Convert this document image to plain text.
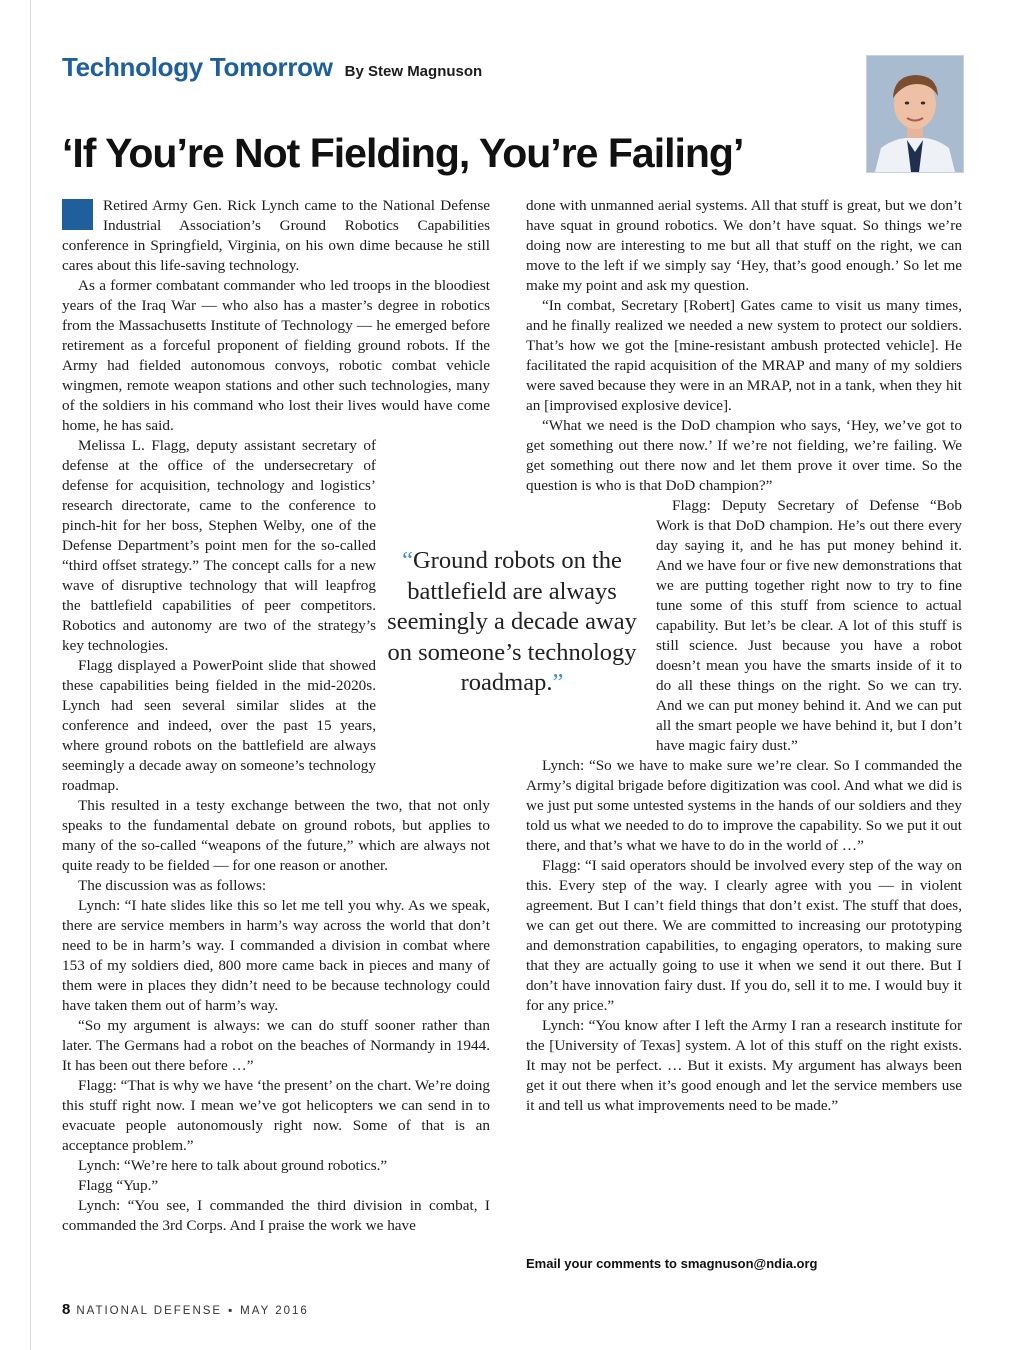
Technology Tomorrow By Stew Magnuson
‘If You’re Not Fielding, You’re Failing’

Retired Army Gen. Rick Lynch came to the National Defense Industrial Association’s Ground Robotics Capabilities conference in Springfield, Virginia, on his own dime because he still cares about this life-saving technology.

As a former combatant commander who led troops in the bloodiest years of the Iraq War — who also has a master’s degree in robotics from the Massachusetts Institute of Technology — he emerged before retirement as a forceful proponent of fielding ground robots. If the Army had fielded autonomous convoys, robotic combat vehicle wingmen, remote weapon stations and other such technologies, many of the soldiers in his command who lost their lives would have come home, he has said.

Melissa L. Flagg, deputy assistant secretary of defense at the office of the undersecretary of defense for acquisition, technology and logistics’ research directorate, came to the conference to pinch-hit for her boss, Stephen Welby, one of the Defense Department’s point men for the so-called “third offset strategy.” The concept calls for a new wave of disruptive technology that will leapfrog the battlefield capabilities of peer competitors. Robotics and autonomy are two of the strategy’s key technologies.

Flagg displayed a PowerPoint slide that showed these capabilities being fielded in the mid-2020s. Lynch had seen several similar slides at the conference and indeed, over the past 15 years, where ground robots on the battlefield are always seemingly a decade away on someone’s technology roadmap.

This resulted in a testy exchange between the two, that not only speaks to the fundamental debate on ground robots, but applies to many of the so-called “weapons of the future,” which are always not quite ready to be fielded — for one reason or another.

The discussion was as follows:

Lynch: “I hate slides like this so let me tell you why. As we speak, there are service members in harm’s way across the world that don’t need to be in harm’s way. I commanded a division in combat where 153 of my soldiers died, 800 more came back in pieces and many of them were in places they didn’t need to be because technology could have taken them out of harm’s way.

“So my argument is always: we can do stuff sooner rather than later. The Germans had a robot on the beaches of Normandy in 1944. It has been out there before …”

Flagg: “That is why we have ‘the present’ on the chart. We’re doing this stuff right now. I mean we’ve got helicopters we can send in to evacuate people autonomously right now. Some of that is an acceptance problem.”

Lynch: “We’re here to talk about ground robotics.”

Flagg “Yup.”

Lynch: “You see, I commanded the third division in combat, I commanded the 3rd Corps. And I praise the work we have

“Ground robots on the battlefield are always seemingly a decade away on someone’s technology roadmap.”

done with unmanned aerial systems. All that stuff is great, but we don’t have squat in ground robotics. We don’t have squat. So things we’re doing now are interesting to me but all that stuff on the right, we can move to the left if we simply say ‘Hey, that’s good enough.’ So let me make my point and ask my question.

“In combat, Secretary [Robert] Gates came to visit us many times, and he finally realized we needed a new system to protect our soldiers. That’s how we got the [mine-resistant ambush protected vehicle]. He facilitated the rapid acquisition of the MRAP and many of my soldiers were saved because they were in an MRAP, not in a tank, when they hit an [improvised explosive device].

“What we need is the DoD champion who says, ‘Hey, we’ve got to get something out there now.’ If we’re not fielding, we’re failing. We get something out there now and let them prove it over time. So the question is who is that DoD champion?”

Flagg: Deputy Secretary of Defense “Bob Work is that DoD champion. He’s out there every day saying it, and he has put money behind it. And we have four or five new demonstrations that we are putting together right now to try to fine tune some of this stuff from science to actual capability. But let’s be clear. A lot of this stuff is still science. Just because you have a robot doesn’t mean you have the smarts inside of it to do all these things on the right. So we can try. And we can put money behind it. And we can put all the smart people we have behind it, but I don’t have magic fairy dust.”

Lynch: “So we have to make sure we’re clear. So I commanded the Army’s digital brigade before digitization was cool. And what we did is we just put some untested systems in the hands of our soldiers and they told us what we needed to do to improve the capability. So we put it out there, and that’s what we have to do in the world of …”

Flagg: “I said operators should be involved every step of the way on this. Every step of the way. I clearly agree with you — in violent agreement. But I can’t field things that don’t exist. The stuff that does, we can get out there. We are committed to increasing our prototyping and demonstration capabilities, to engaging operators, to making sure that they are actually going to use it when we send it out there. But I don’t have innovation fairy dust. If you do, sell it to me. I would buy it for any price.”

Lynch: “You know after I left the Army I ran a research institute for the [University of Texas] system. A lot of this stuff on the right exists. It may not be perfect. … But it exists. My argument has always been get it out there when it’s good enough and let the service members use it and tell us what improvements need to be made.”

Email your comments to smagnuson@ndia.org
8 NATIONAL DEFENSE ▪ MAY 2016
